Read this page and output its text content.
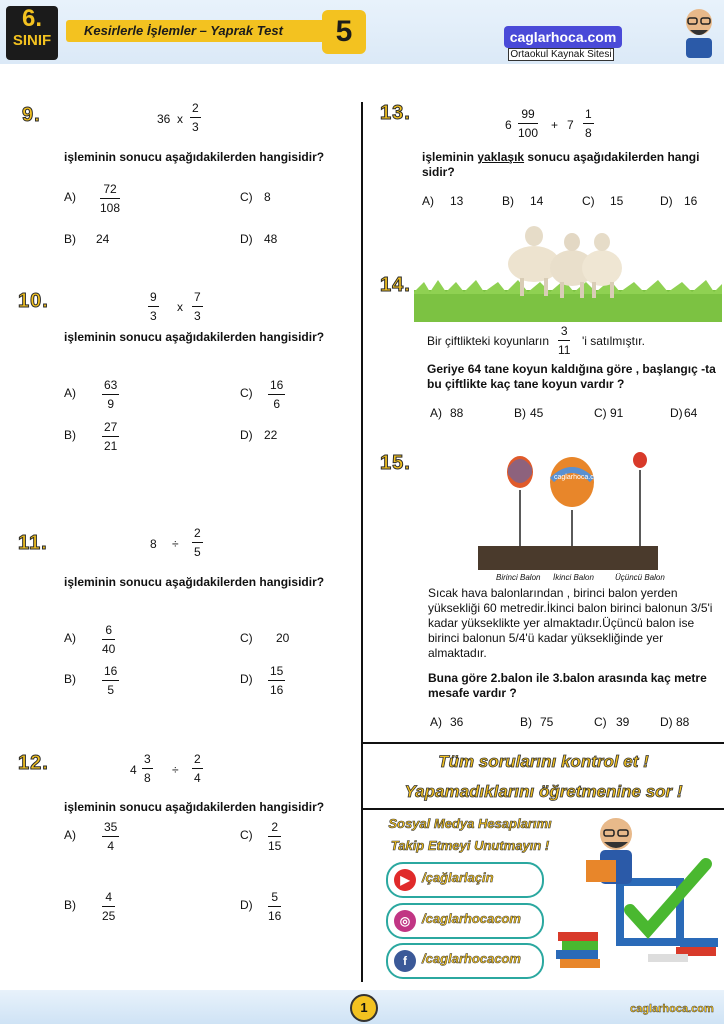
6.
SINIF
Kesirlerle İşlemler – Yaprak Test	5	caglarhoca.com
Ortaokul Kaynak Sitesi
9.	36 x $\frac{2}{3}$
işleminin sonucu aşağıdakilerden hangisidir?
$A) \frac{72}{108}$	C) 8
B) 24	D) 48
10.	$\frac{9}{3}$ x $\frac{7}{3}$
işleminin sonucu aşağıdakilerden hangisidir?
$A) \frac{63}{9}$	$C) \frac{16}{6}$
$B) \frac{27}{21}$	D) 22
11.	$8 \div \frac{2}{5}$
işleminin sonucu aşağıdakilerden hangisidir?
$A) \frac{6}{40}$	C) 20
$B) \frac{16}{5}$	$D) \frac{15}{16}$
12.	$4 \frac{3}{8} \div \frac{2}{4}$
işleminin sonucu aşağıdakilerden hangisidir?
$A) \frac{35}{4}$	$C) \frac{2}{15}$
$B) \frac{4}{25}$	$D) \frac{5}{16}$
13.
$6 \frac{99}{100} + 7 \frac{1}{8}$
işleminin yaklaşık sonucu aşağıdakilerden hangi sidir?
A) 13	B) 14	C) 15	D) 16
14.
Bir çiftlikteki koyunların $\frac{3}{11}$ 'i satılmıştır.
Geriye 64 tane koyun kaldığına göre , başlangıç -ta bu çiftlikte kaç tane koyun vardır ?
A) 88	B) 45	C) 91	D) 64
15.
caglarhoca.com
Birinci Balon İkinci Balon	Üçüncü Balon
Sıcak hava balonlarından , birinci balon yerden yüksekliği 60 metredir.İkinci balon birinci balonun 3/5'i kadar yükseklikte yer almaktadır.Üçüncü balon ise birinci balonun 5/4'ü kadar yüksekliğinde yer almaktadır.
Buna göre 2.balon ile 3.balon arasında kaç metre mesafe vardır ?
A) 36	B) 75	C) 39	D) 88
Tüm sorularını kontrol et !
Yapamadıklarını öğretmenine sor !
Sosyal Medya Hesaplarımı
Takip Etmeyi Unutmayın !
▶ /çağlarlaçin
◎ /caglarhocacom
f	/caglarhocacom
1	caglarhoca.com
